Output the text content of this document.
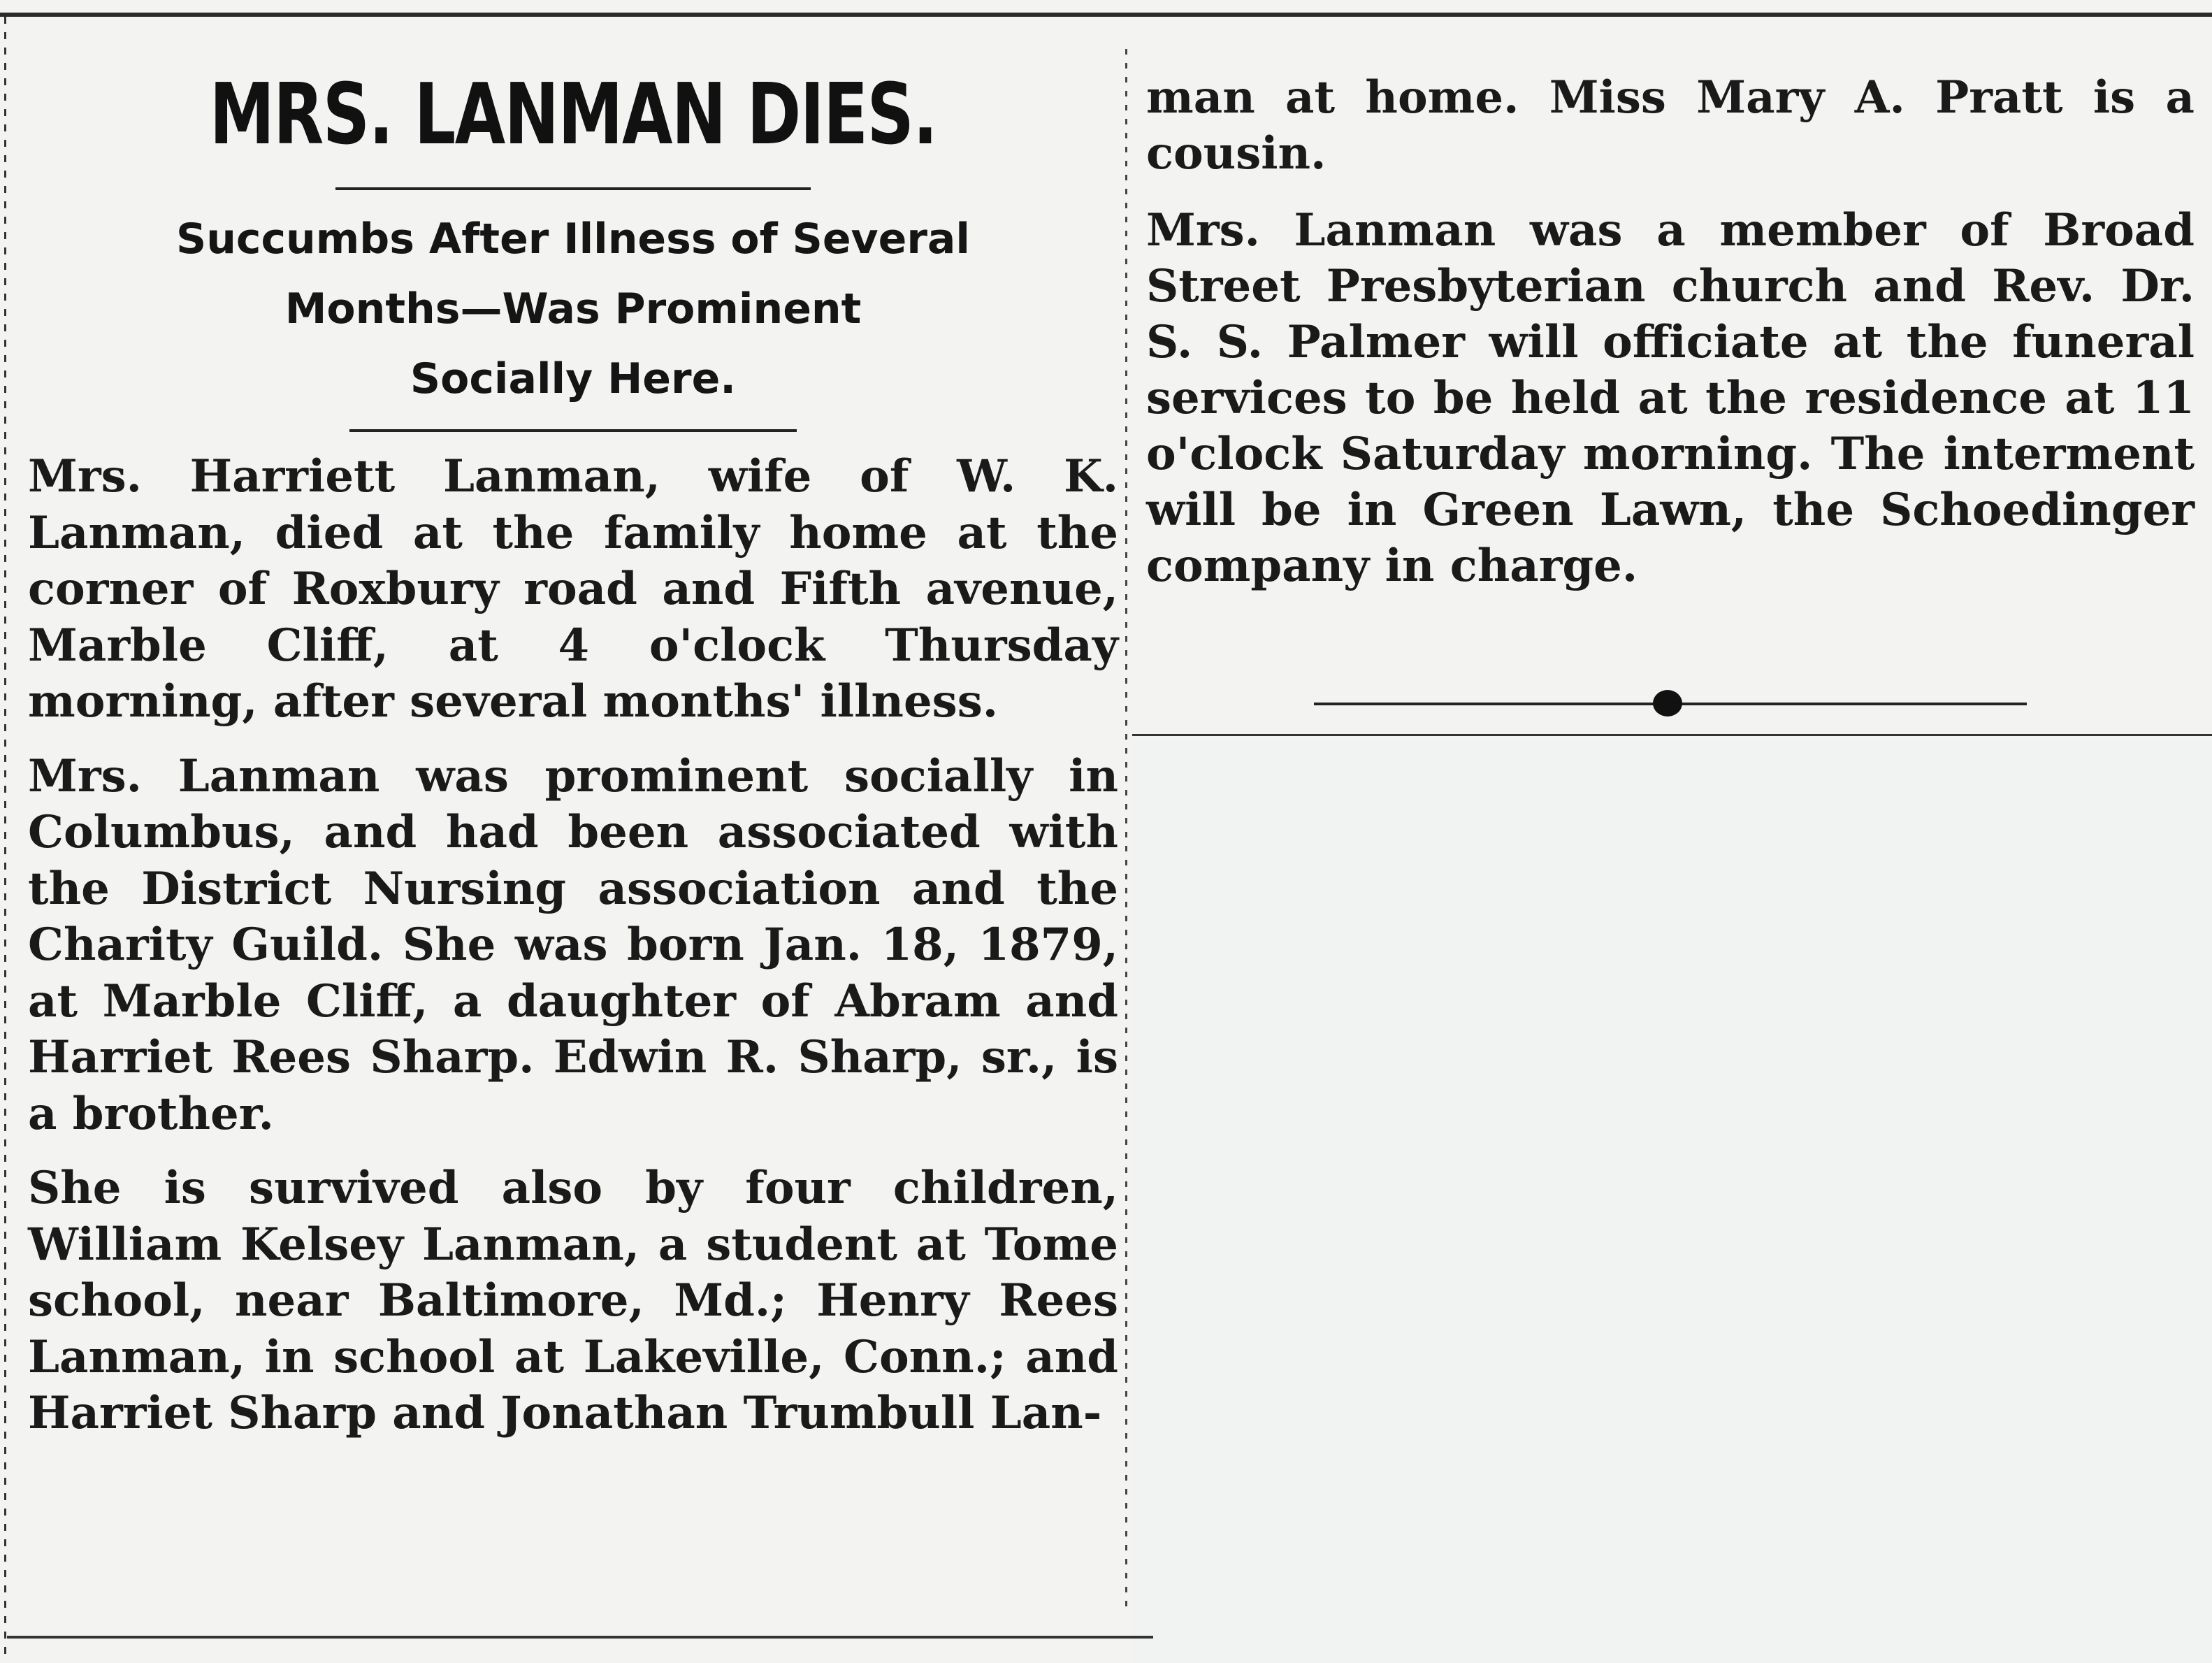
MRS. LANMAN DIES.
Succumbs After Illness of Several
Months—Was Prominent
Socially Here.

Mrs. Harriett Lanman, wife of W. K. Lanman, died at the family home at the corner of Roxbury road and Fifth avenue, Marble Cliff, at 4 o'clock Thursday morning, after several months' illness.

Mrs. Lanman was prominent socially in Columbus, and had been associated with the District Nursing association and the Charity Guild. She was born Jan. 18, 1879, at Marble Cliff, a daughter of Abram and Harriet Rees Sharp. Edwin R. Sharp, sr., is a brother.

She is survived also by four children, William Kelsey Lanman, a student at Tome school, near Baltimore, Md.; Henry Rees Lanman, in school at Lakeville, Conn.; and Harriet Sharp and Jonathan Trumbull Lan-

man at home. Miss Mary A. Pratt is a cousin.

Mrs. Lanman was a member of Broad Street Presbyterian church and Rev. Dr. S. S. Palmer will officiate at the funeral services to be held at the residence at 11 o'clock Saturday morning. The interment will be in Green Lawn, the Schoedinger company in charge.
